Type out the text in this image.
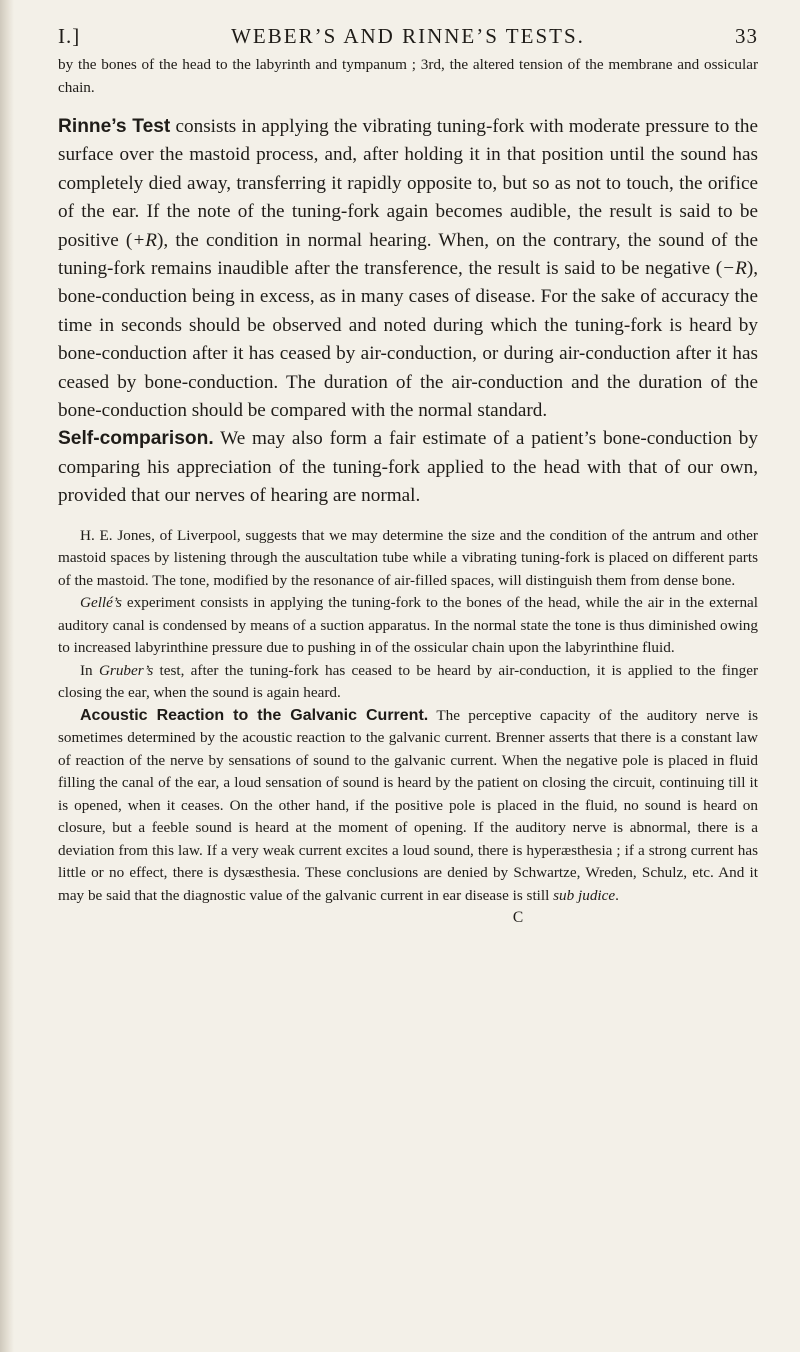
I.]	WEBER’S AND RINNE’S TESTS.	33

by the bones of the head to the labyrinth and tympanum ; 3rd, the altered tension of the membrane and ossicular chain.

Rinne’s Test consists in applying the vibrating tuning-fork with moderate pressure to the surface over the mastoid process, and, after holding it in that position until the sound has completely died away, transferring it rapidly opposite to, but so as not to touch, the orifice of the ear. If the note of the tuning-fork again becomes audible, the result is said to be positive (+R), the condition in normal hearing. When, on the contrary, the sound of the tuning-fork remains inaudible after the transference, the result is said to be negative (−R), bone-conduction being in excess, as in many cases of disease. For the sake of accuracy the time in seconds should be observed and noted during which the tuning-fork is heard by bone-conduction after it has ceased by air-conduction, or during air-conduction after it has ceased by bone-conduction. The duration of the air-conduction and the duration of the bone-conduction should be compared with the normal standard.

Self-comparison. We may also form a fair estimate of a patient’s bone-conduction by comparing his appreciation of the tuning-fork applied to the head with that of our own, provided that our nerves of hearing are normal.

H. E. Jones, of Liverpool, suggests that we may determine the size and the condition of the antrum and other mastoid spaces by listening through the auscultation tube while a vibrating tuning-fork is placed on different parts of the mastoid. The tone, modified by the resonance of air-filled spaces, will distinguish them from dense bone.

Gellé’s experiment consists in applying the tuning-fork to the bones of the head, while the air in the external auditory canal is condensed by means of a suction apparatus. In the normal state the tone is thus diminished owing to increased labyrinthine pressure due to pushing in of the ossicular chain upon the labyrinthine fluid.

In Gruber’s test, after the tuning-fork has ceased to be heard by air-conduction, it is applied to the finger closing the ear, when the sound is again heard.

Acoustic Reaction to the Galvanic Current. The perceptive capacity of the auditory nerve is sometimes determined by the acoustic reaction to the galvanic current. Brenner asserts that there is a constant law of reaction of the nerve by sensations of sound to the galvanic current. When the negative pole is placed in fluid filling the canal of the ear, a loud sensation of sound is heard by the patient on closing the circuit, continuing till it is opened, when it ceases. On the other hand, if the positive pole is placed in the fluid, no sound is heard on closure, but a feeble sound is heard at the moment of opening. If the auditory nerve is abnormal, there is a deviation from this law. If a very weak current excites a loud sound, there is hyperæsthesia ; if a strong current has little or no effect, there is dysæsthesia. These conclusions are denied by Schwartze, Wreden, Schulz, etc. And it may be said that the diagnostic value of the galvanic current in ear disease is still sub judice.

C
